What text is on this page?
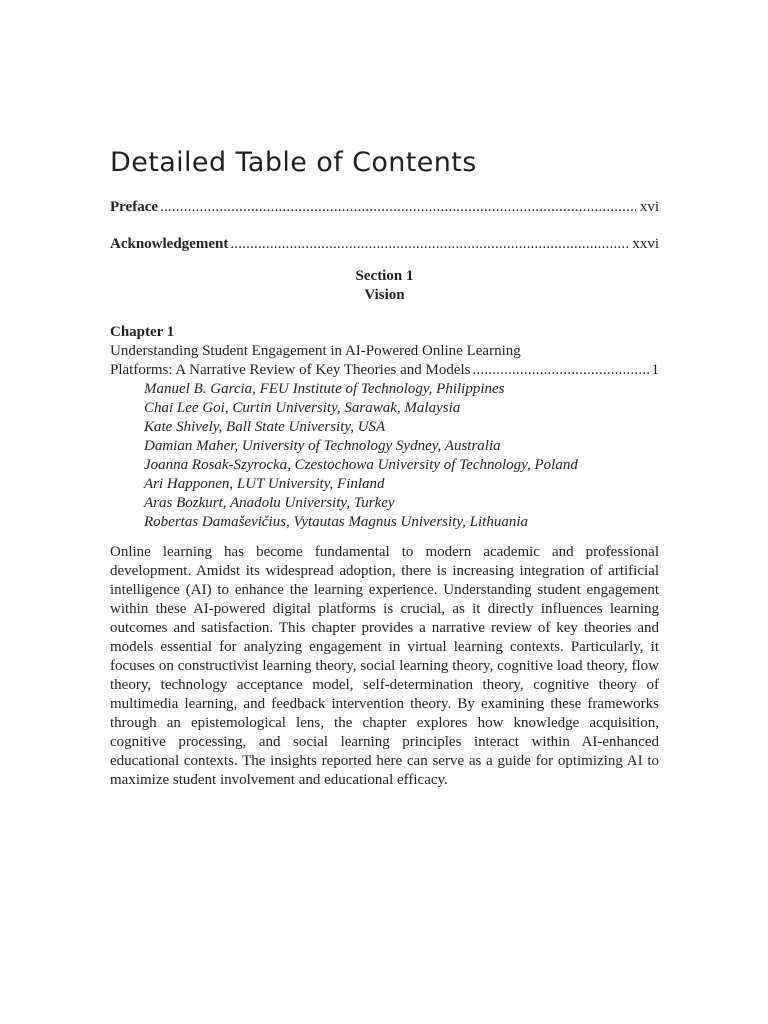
Detailed Table of Contents
Preface .....	xvi
Acknowledgement .....	xxvi
Section 1
Vision
Chapter 1
Understanding Student Engagement in AI-Powered Online Learning
Platforms: A Narrative Review of Key Theories and Models .....	1
Manuel B. Garcia, FEU Institute of Technology, Philippines
Chai Lee Goi, Curtin University, Sarawak, Malaysia
Kate Shively, Ball State University, USA
Damian Maher, University of Technology Sydney, Australia
Joanna Rosak-Szyrocka, Czestochowa University of Technology, Poland
Ari Happonen, LUT University, Finland
Aras Bozkurt, Anadolu University, Turkey
Robertas Damaševičius, Vytautas Magnus University, Lithuania

Online learning has become fundamental to modern academic and professional development. Amidst its widespread adoption, there is increasing integration of artificial intelligence (AI) to enhance the learning experience. Understanding student engagement within these AI-powered digital platforms is crucial, as it directly influences learning outcomes and satisfaction. This chapter provides a narrative review of key theories and models essential for analyzing engagement in virtual learning contexts. Particularly, it focuses on constructivist learning theory, social learning theory, cognitive load theory, flow theory, technology acceptance model, self-determination theory, cognitive theory of multimedia learning, and feedback intervention theory. By examining these frameworks through an epistemological lens, the chapter explores how knowledge acquisition, cognitive processing, and social learning principles interact within AI-enhanced educational contexts. The insights reported here can serve as a guide for optimizing AI to maximize student involvement and educational efficacy.
